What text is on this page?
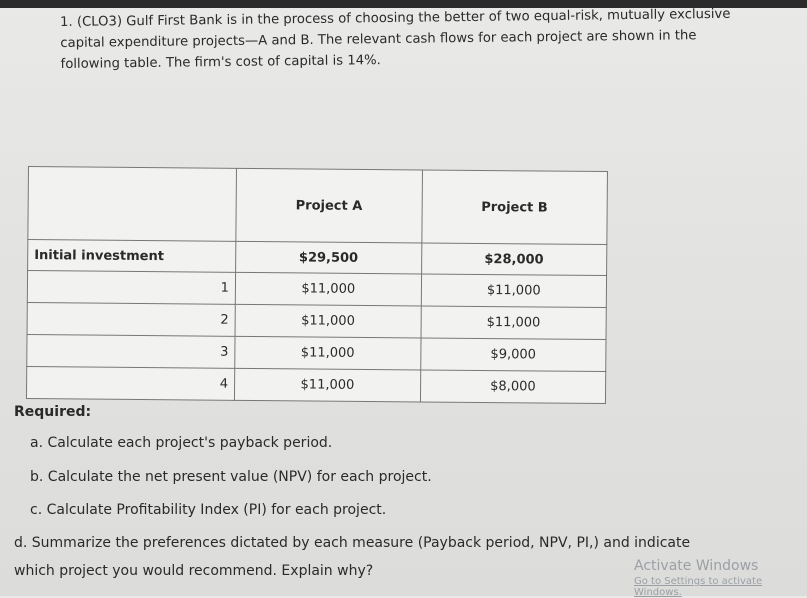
1. (CLO3) Gulf First Bank is in the process of choosing the better of two equal-risk, mutually exclusive capital expenditure projects—A and B. The relevant cash flows for each project are shown in the following table. The firm's cost of capital is 14%.

	Project A	Project B
Initial investment	$29,500	$28,000
1	$11,000	$11,000
2	$11,000	$11,000
3	$11,000	$9,000
4	$11,000	$8,000
Required:
a. Calculate each project's payback period.
b. Calculate the net present value (NPV) for each project.
c. Calculate Profitability Index (PI) for each project.
d. Summarize the preferences dictated by each measure (Payback period, NPV, PI,) and indicate
which project you would recommend. Explain why?	Activate Windows
Go to Settings to activate Windows.
